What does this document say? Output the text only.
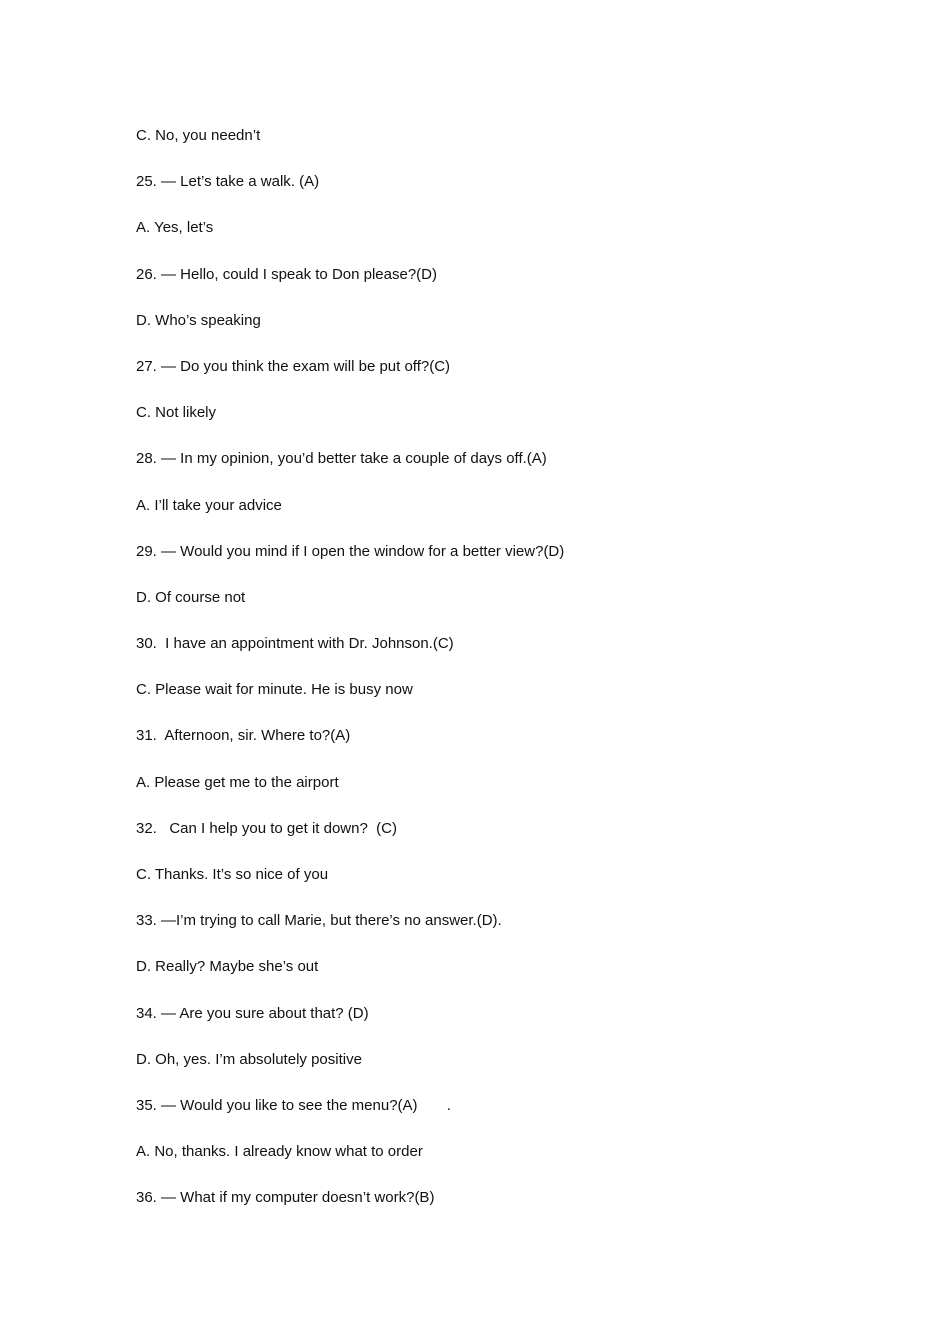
C. No, you needn’t
25. — Let’s take a walk. (A)
A. Yes, let’s
26. — Hello, could I speak to Don please?(D)
D. Who’s speaking
27. — Do you think the exam will be put off?(C)
C. Not likely
28. — In my opinion, you’d better take a couple of days off.(A)
A. I’ll take your advice
29. — Would you mind if I open the window for a better view?(D)
D. Of course not
30.  I have an appointment with Dr. Johnson.(C)
C. Please wait for minute. He is busy now
31.  Afternoon, sir. Where to?(A)
A. Please get me to the airport
32.   Can I help you to get it down?  (C)
C. Thanks. It’s so nice of you
33. —I’m trying to call Marie, but there’s no answer.(D).
D. Really? Maybe she’s out
34. — Are you sure about that? (D)
D. Oh, yes. I’m absolutely positive
35. — Would you like to see the menu?(A)       .
A. No, thanks. I already know what to order
36. — What if my computer doesn’t work?(B)
